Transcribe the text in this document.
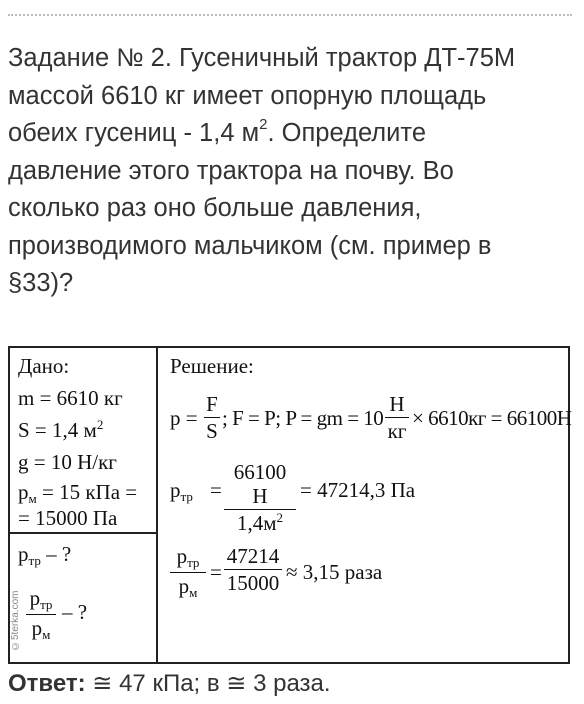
Задание № 2. Гусеничный трактор ДТ-75М
массой 6610 кг имеет опорную площадь
обеих гусениц - 1,4 $м^2$. Определите
давление этого трактора на почву. Во
сколько раз оно больше давления,
производимого мальчиком (см. пример в
§33)?
Дано:
m = 6610 кг
S = 1,4 $м^2$
g = 10 Н/кг
pм = 15 кПа =
= 15000 Па
pтр – ?
pтр
pм
– ?
©5terka.com
Решение:
p =
F
S
; F = P; P = gm = 10
Н
кг
× 6610кг = 66100Н
pтр =
66100 Н
$1,4м^2$
= 47214,3 Па
pтр
pм
=
47214
15000 ≈ 3,15 раза
Ответ: ≅ 47 кПа; в ≅ 3 раза.
